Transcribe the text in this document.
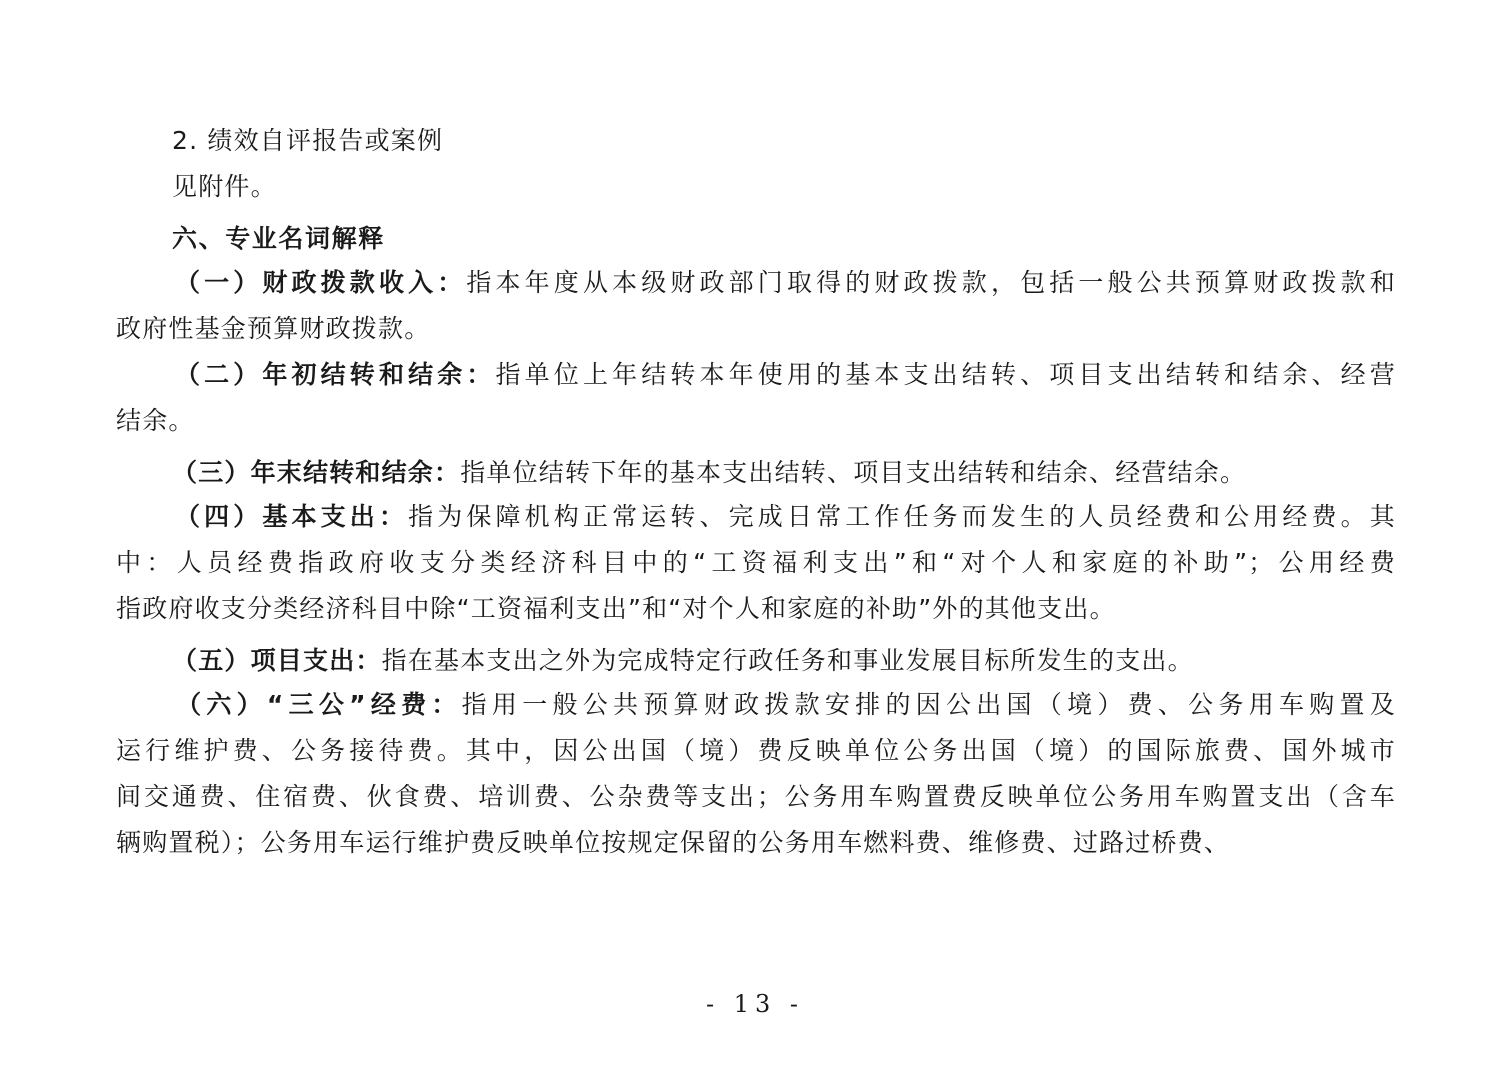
2. 绩效自评报告或案例
见附件。
六、专业名词解释
（一）财政拨款收入：指本年度从本级财政部门取得的财政拨款，包括一般公共预算财政拨款和
政府性基金预算财政拨款。
（二）年初结转和结余：指单位上年结转本年使用的基本支出结转、项目支出结转和结余、经营
结余。
（三）年末结转和结余：指单位结转下年的基本支出结转、项目支出结转和结余、经营结余。
（四）基本支出：指为保障机构正常运转、完成日常工作任务而发生的人员经费和公用经费。其
中：人员经费指政府收支分类经济科目中的“工资福利支出”和“对个人和家庭的补助”；公用经费
指政府收支分类经济科目中除“工资福利支出”和“对个人和家庭的补助”外的其他支出。
（五）项目支出：指在基本支出之外为完成特定行政任务和事业发展目标所发生的支出。
（六）“三公”经费：指用一般公共预算财政拨款安排的因公出国（境）费、公务用车购置及
运行维护费、公务接待费。其中，因公出国（境）费反映单位公务出国（境）的国际旅费、国外城市
间交通费、住宿费、伙食费、培训费、公杂费等支出；公务用车购置费反映单位公务用车购置支出（含车
辆购置税）；公务用车运行维护费反映单位按规定保留的公务用车燃料费、维修费、过路过桥费、
- 13 -
